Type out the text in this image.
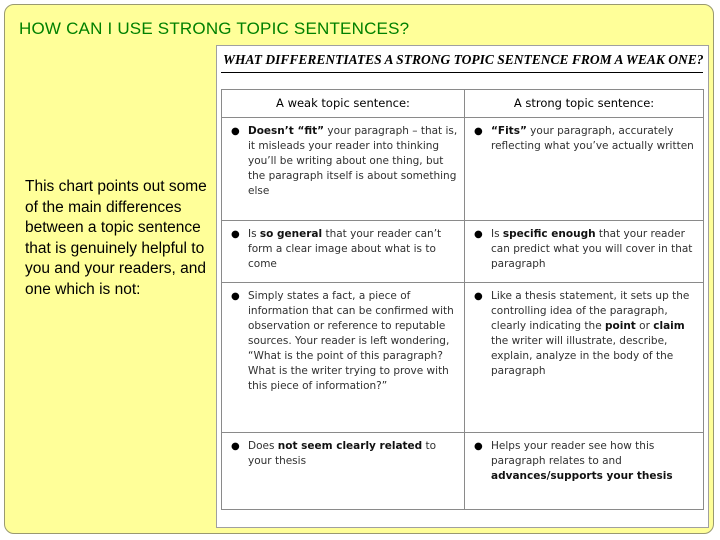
HOW CAN I USE STRONG TOPIC SENTENCES?
This chart points out some of the main differences between a topic sentence that is genuinely helpful to you and your readers, and one which is not:
WHAT DIFFERENTIATES A STRONG TOPIC SENTENCE FROM A WEAK ONE?
A weak topic sentence:	A strong topic sentence:

● Doesn’t “fit” your paragraph – that is, it misleads your reader into thinking you’ll be writing about one thing, but the paragraph itself is about something else	● “Fits” your paragraph, accurately reflecting what you’ve actually written

● Is so general that your reader can’t form a clear image about what is to come	● Is specific enough that your reader can predict what you will cover in that paragraph

● Simply states a fact, a piece of information that can be confirmed with observation or reference to reputable sources. Your reader is left wondering, “What is the point of this paragraph? What is the writer trying to prove with this piece of information?”	● Like a thesis statement, it sets up the controlling idea of the paragraph, clearly indicating the point or claim the writer will illustrate, describe, explain, analyze in the body of the paragraph

● Does not seem clearly related to your thesis	● Helps your reader see how this paragraph relates to and advances/supports your thesis
